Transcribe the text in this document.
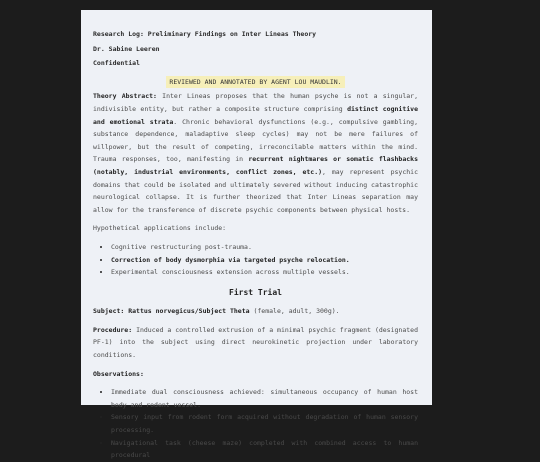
Research Log: Preliminary Findings on Inter Lineas Theory
Dr. Sabine Leeren
Confidential
REVIEWED AND ANNOTATED BY AGENT LOU MAUDLIN.

Theory Abstract: Inter Lineas proposes that the human psyche is not a singular, indivisible entity, but rather a composite structure comprising distinct cognitive and emotional strata. Chronic behavioral dysfunctions (e.g., compulsive gambling, substance dependence, maladaptive sleep cycles) may not be mere failures of willpower, but the result of competing, irreconcilable matters within the mind. Trauma responses, too, manifesting in recurrent nightmares or somatic flashbacks (notably, industrial environments, conflict zones, etc.), may represent psychic domains that could be isolated and ultimately severed without inducing catastrophic neurological collapse. It is further theorized that Inter Lineas separation may allow for the transference of discrete psychic components between physical hosts.

Hypothetical applications include:

• Cognitive restructuring post-trauma.
• Correction of body dysmorphia via targeted psyche relocation.
• Experimental consciousness extension across multiple vessels.
First Trial

Subject: Rattus norvegicus/Subject Theta (female, adult, 300g).

Procedure: Induced a controlled extrusion of a minimal psychic fragment (designated PF-1) into the subject using direct neurokinetic projection under laboratory conditions.

Observations:

• Immediate dual consciousness achieved: simultaneous occupancy of human host body and rodent vessel.
• Sensory input from rodent form acquired without degradation of human sensory processing.
• Navigational task (cheese maze) completed with combined access to human procedural
